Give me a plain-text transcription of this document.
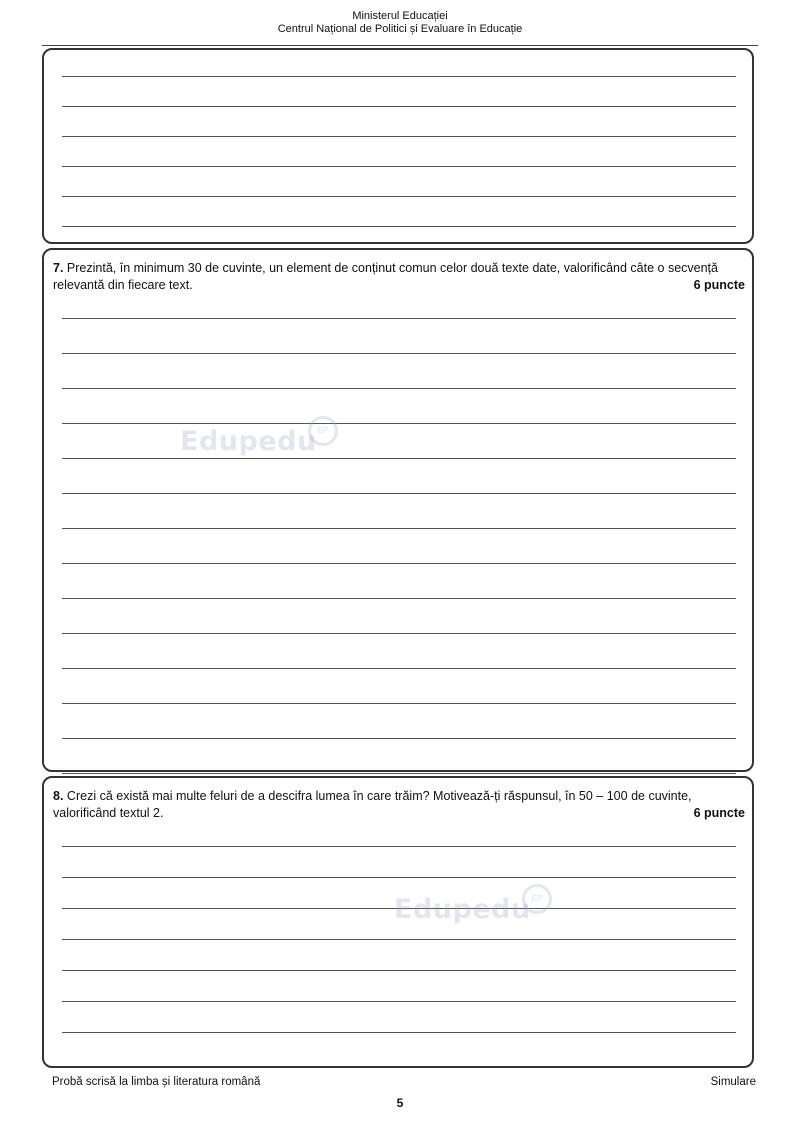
Ministerul Educației
Centrul Național de Politici și Evaluare în Educație
7. Prezintă, în minimum 30 de cuvinte, un element de conținut comun celor două texte date, valorificând câte o secvență relevantă din fiecare text.	6 puncte
Edupedu EP
8. Crezi că există mai multe feluri de a descifra lumea în care trăim? Motivează-ți răspunsul, în 50 – 100 de cuvinte, valorificând textul 2.	6 puncte
Edupedu EP
Probă scrisă la limba și literatura română	Simulare
5
